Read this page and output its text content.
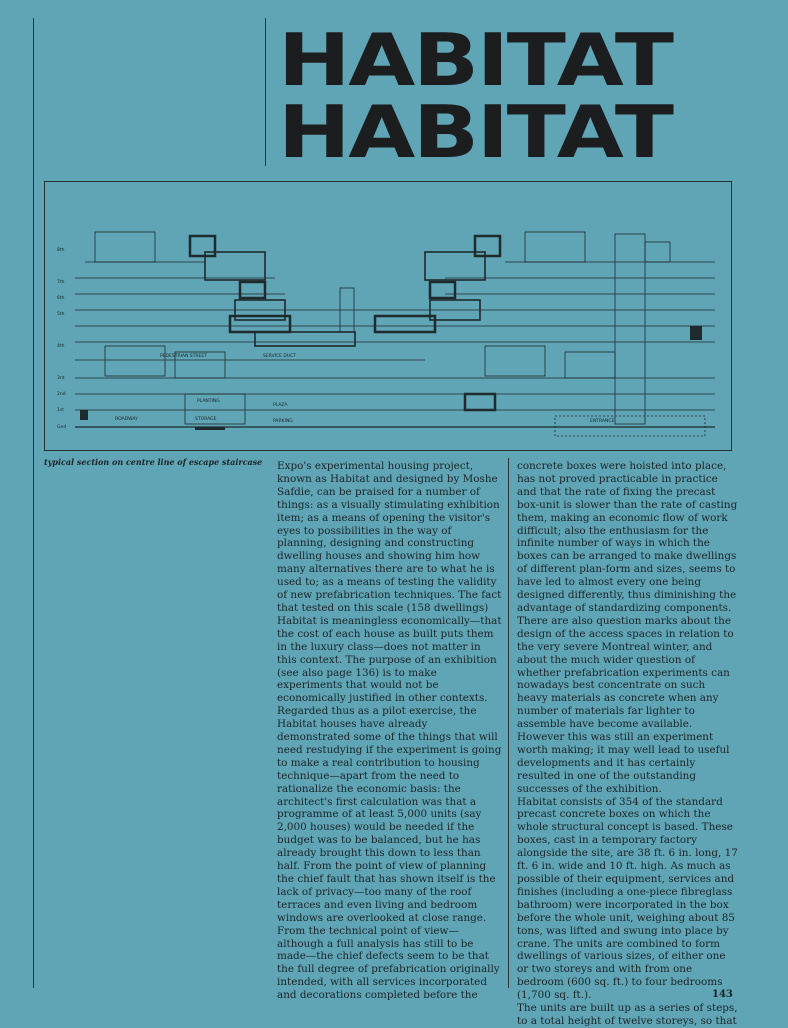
HABITAT
HABITAT
8th
7th
6th
5th
4th
3rd
2nd
1st
Gnd
PEDESTRIAN STREET	SERVICE DUCT
PLANTING
PLAZA
ROADWAY	STORAGE	PARKING	ENTRANCE
typical section on centre line of escape staircase Expo's experimental housing project, known as Habitat and designed by Moshe Safdie, can be praised for a number of things: as a visually stimulating exhibition item; as a means of opening the visitor's eyes to possibilities in the way of planning, designing and constructing dwelling houses and showing him how many alternatives there are to what he is used to; as a means of testing the validity of new prefabrication techniques. The fact that tested on this scale (158 dwellings) Habitat is meaningless economically—that the cost of each house as built puts them in the luxury class—does not matter in this context. The purpose of an exhibition (see also page 136) is to make experiments that would not be economically justified in other contexts.

Regarded thus as a pilot exercise, the Habitat houses have already demonstrated some of the things that will need restudying if the experiment is going to make a real contribution to housing technique—apart from the need to rationalize the economic basis: the architect's first calculation was that a programme of at least 5,000 units (say 2,000 houses) would be needed if the budget was to be balanced, but he has already brought this down to less than half. From the point of view of planning the chief fault that has shown itself is the lack of privacy—too many of the roof terraces and even living and bedroom windows are overlooked at close range. From the technical point of view—although a full analysis has still to be made—the chief defects seem to be that the full degree of prefabrication originally intended, with all services incorporated and decorations completed before the

concrete boxes were hoisted into place, has not proved practicable in practice and that the rate of fixing the precast box-unit is slower than the rate of casting them, making an economic flow of work difficult; also the enthusiasm for the infinite number of ways in which the boxes can be arranged to make dwellings of different plan-form and sizes, seems to have led to almost every one being designed differently, thus diminishing the advantage of standardizing components.

There are also question marks about the design of the access spaces in relation to the very severe Montreal winter, and about the much wider question of whether prefabrication experiments can nowadays best concentrate on such heavy materials as concrete when any number of materials far lighter to assemble have become available. However this was still an experiment worth making; it may well lead to useful developments and it has certainly resulted in one of the outstanding successes of the exhibition.

Habitat consists of 354 of the standard precast concrete boxes on which the whole structural concept is based. These boxes, cast in a temporary factory alongside the site, are 38 ft. 6 in. long, 17 ft. 6 in. wide and 10 ft. high. As much as possible of their equipment, services and finishes (including a one-piece fibreglass bathroom) were incorporated in the box before the whole unit, weighing about 85 tons, was lifted and swung into place by crane. The units are combined to form dwellings of various sizes, of either one or two storeys and with from one bedroom (600 sq. ft.) to four bedrooms (1,700 sq. ft.).

The units are built up as a series of steps, to a total height of twelve storeys, so that

143
